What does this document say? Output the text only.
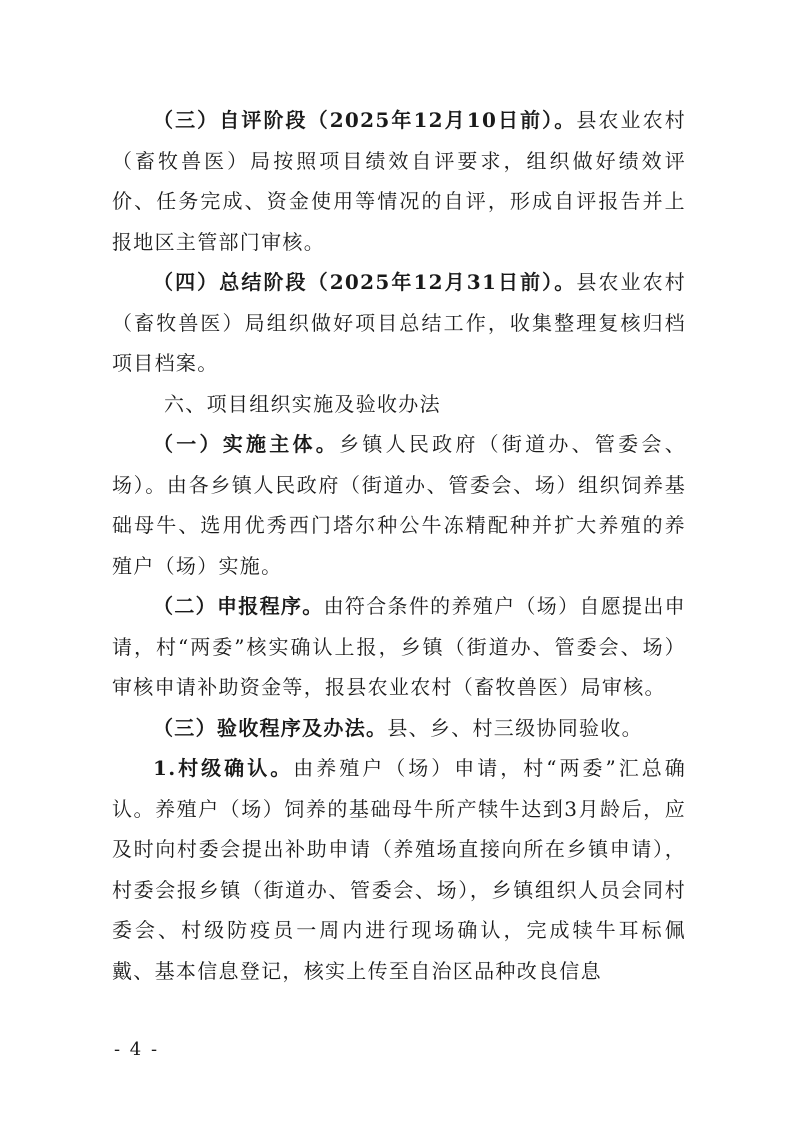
（三）自评阶段（2025年12月10日前）。县农业农村（畜牧兽医）局按照项目绩效自评要求，组织做好绩效评价、任务完成、资金使用等情况的自评，形成自评报告并上报地区主管部门审核。

（四）总结阶段（2025年12月31日前）。县农业农村（畜牧兽医）局组织做好项目总结工作，收集整理复核归档项目档案。

六、项目组织实施及验收办法

（一）实施主体。乡镇人民政府（街道办、管委会、场）。由各乡镇人民政府（街道办、管委会、场）组织饲养基础母牛、选用优秀西门塔尔种公牛冻精配种并扩大养殖的养殖户（场）实施。

（二）申报程序。由符合条件的养殖户（场）自愿提出申请，村“两委”核实确认上报，乡镇（街道办、管委会、场）审核申请补助资金等，报县农业农村（畜牧兽医）局审核。

（三）验收程序及办法。县、乡、村三级协同验收。

1.村级确认。由养殖户（场）申请，村“两委”汇总确认。养殖户（场）饲养的基础母牛所产犊牛达到3月龄后，应及时向村委会提出补助申请（养殖场直接向所在乡镇申请），村委会报乡镇（街道办、管委会、场），乡镇组织人员会同村委会、村级防疫员一周内进行现场确认，完成犊牛耳标佩戴、基本信息登记，核实上传至自治区品种改良信息

- 4 -
